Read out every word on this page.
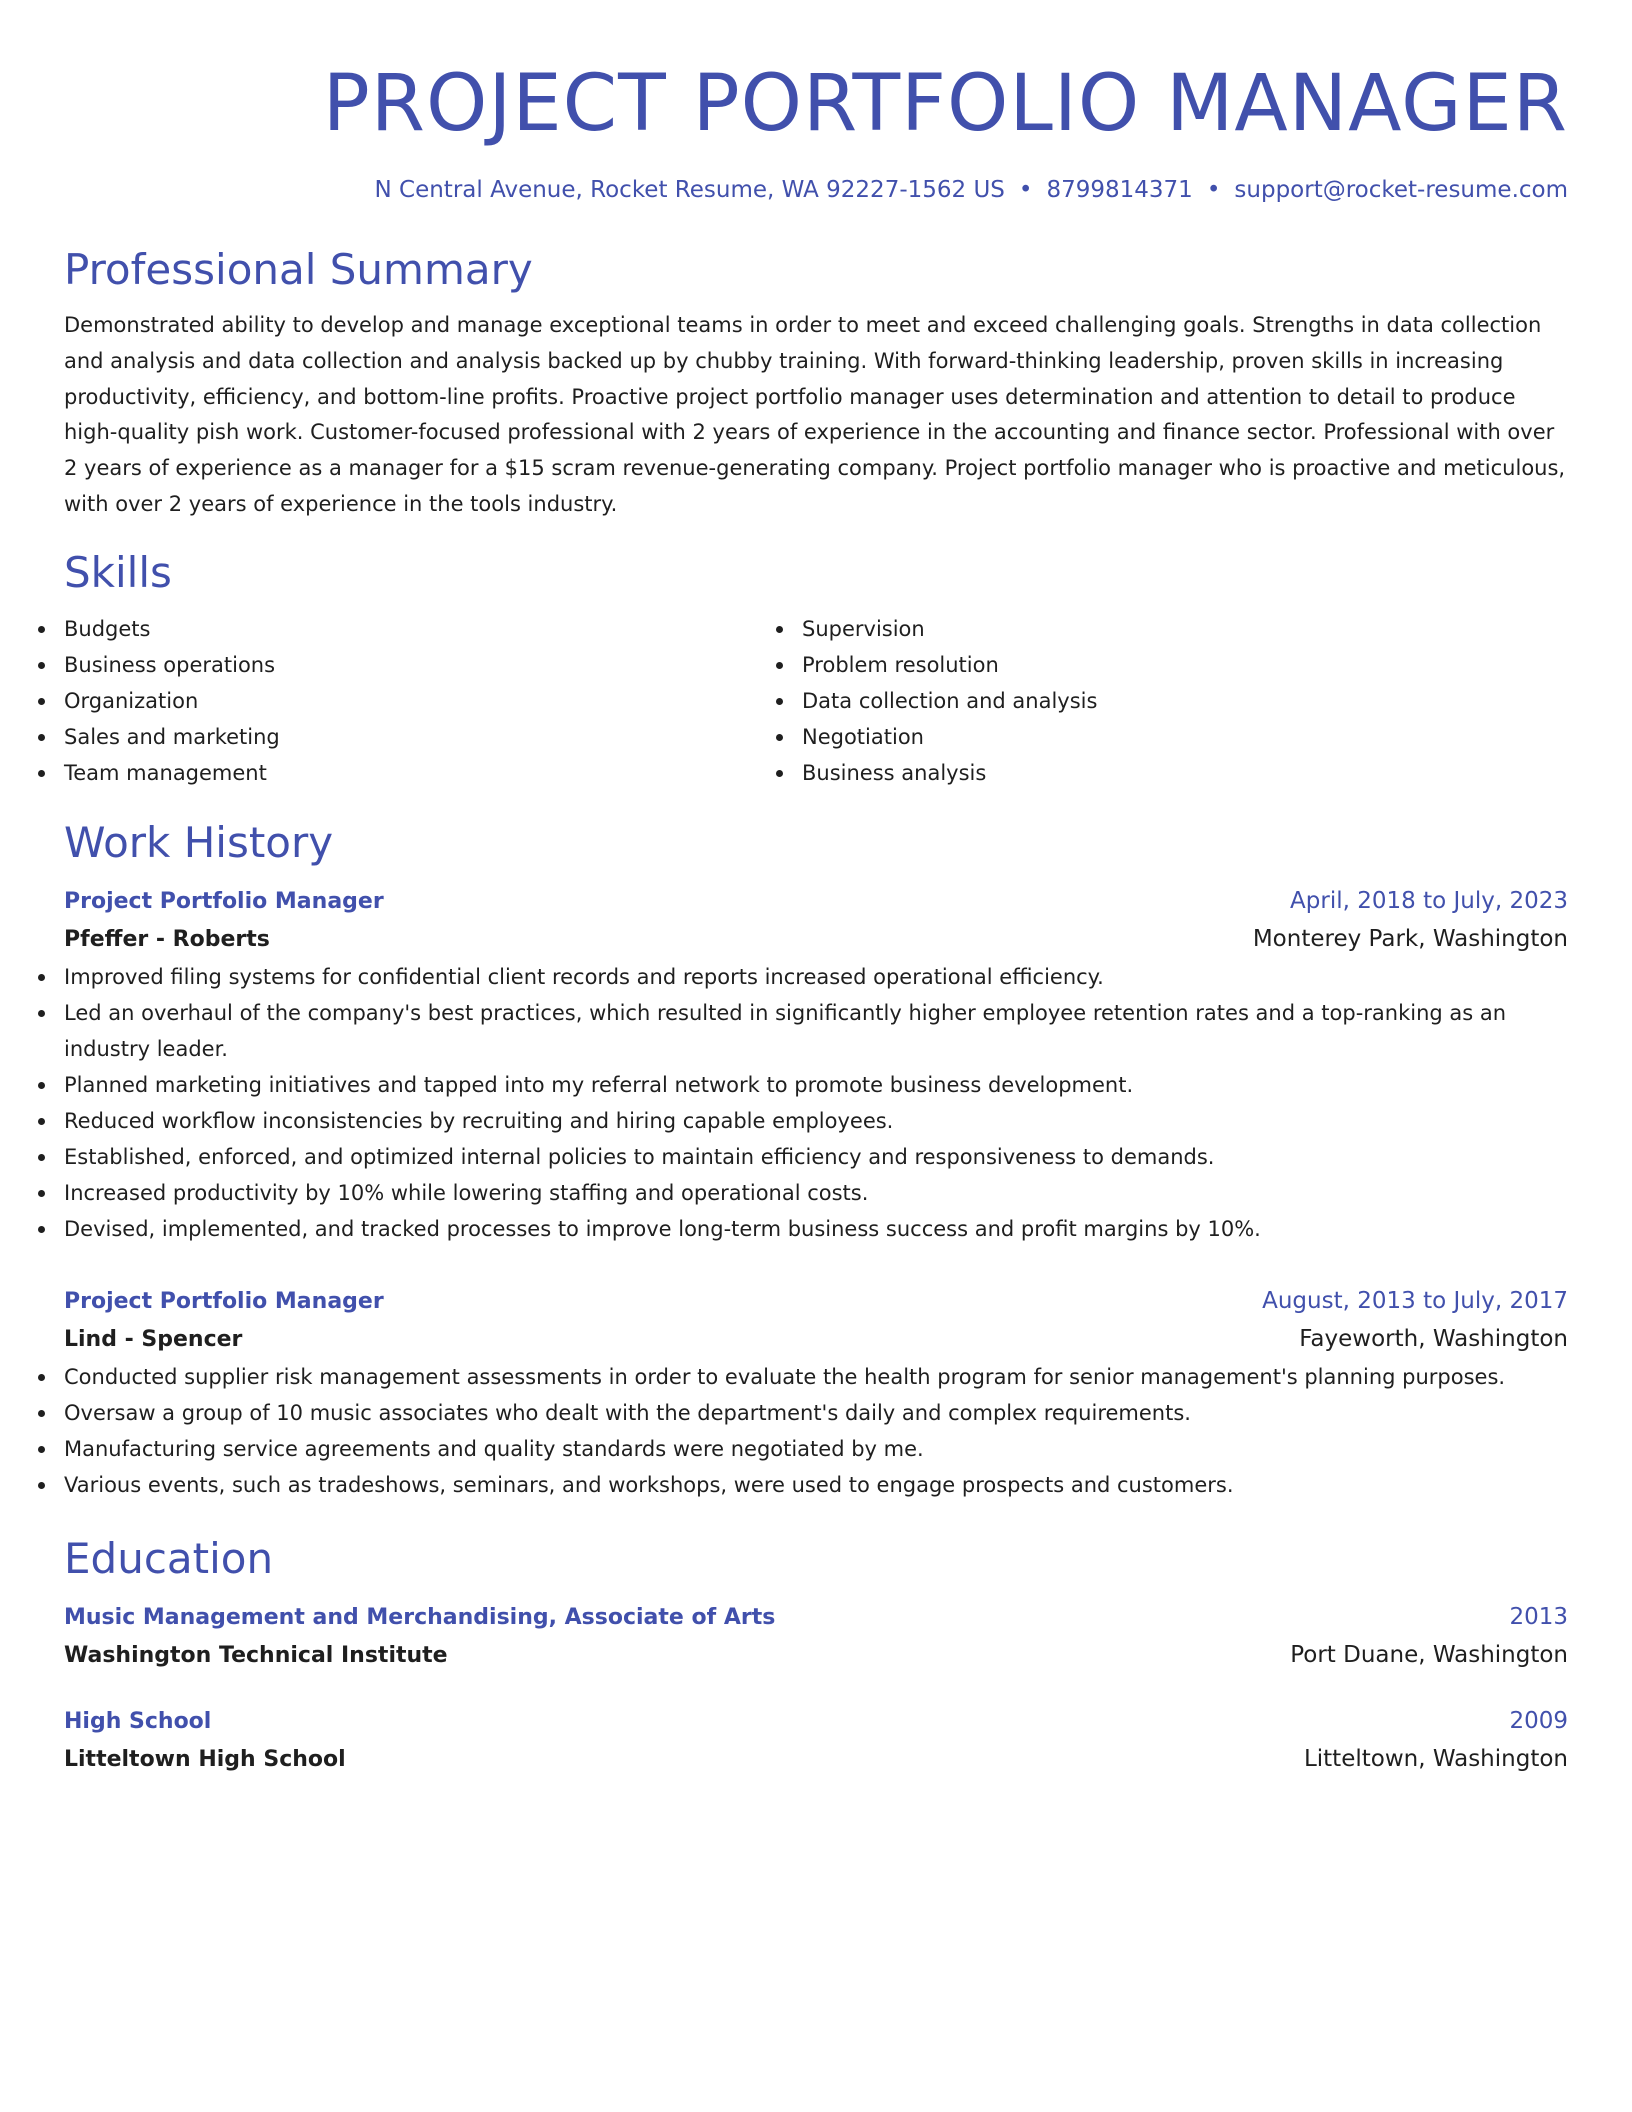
PROJECT PORTFOLIO MANAGER
N Central Avenue, Rocket Resume, WA 92227-1562 US • 8799814371 • support@rocket-resume.com
Professional Summary

Demonstrated ability to develop and manage exceptional teams in order to meet and exceed challenging goals. Strengths in data collection and analysis and data collection and analysis backed up by chubby training. With forward-thinking leadership, proven skills in increasing productivity, efficiency, and bottom-line profits. Proactive project portfolio manager uses determination and attention to detail to produce high-quality pish work. Customer-focused professional with 2 years of experience in the accounting and finance sector. Professional with over 2 years of experience as a manager for a $15 scram revenue-generating company. Project portfolio manager who is proactive and meticulous, with over 2 years of experience in the tools industry.

Skills
Budgets
Business operations
Organization
Sales and marketing
Team management
Supervision
Problem resolution
Data collection and analysis
Negotiation
Business analysis
Work History
Project Portfolio Manager	April, 2018 to July, 2023
Pfeffer - Roberts	Monterey Park, Washington
Improved filing systems for confidential client records and reports increased operational efficiency.
Led an overhaul of the company's best practices, which resulted in significantly higher employee retention rates and a top-ranking as an industry leader.
Planned marketing initiatives and tapped into my referral network to promote business development.
Reduced workflow inconsistencies by recruiting and hiring capable employees.
Established, enforced, and optimized internal policies to maintain efficiency and responsiveness to demands.
Increased productivity by 10% while lowering staffing and operational costs.
Devised, implemented, and tracked processes to improve long-term business success and profit margins by 10%.
Project Portfolio Manager	August, 2013 to July, 2017
Lind - Spencer	Fayeworth, Washington
Conducted supplier risk management assessments in order to evaluate the health program for senior management's planning purposes.
Oversaw a group of 10 music associates who dealt with the department's daily and complex requirements.
Manufacturing service agreements and quality standards were negotiated by me.
Various events, such as tradeshows, seminars, and workshops, were used to engage prospects and customers.
Education
Music Management and Merchandising, Associate of Arts	2013
Washington Technical Institute	Port Duane, Washington
High School	2009
Litteltown High School	Litteltown, Washington
